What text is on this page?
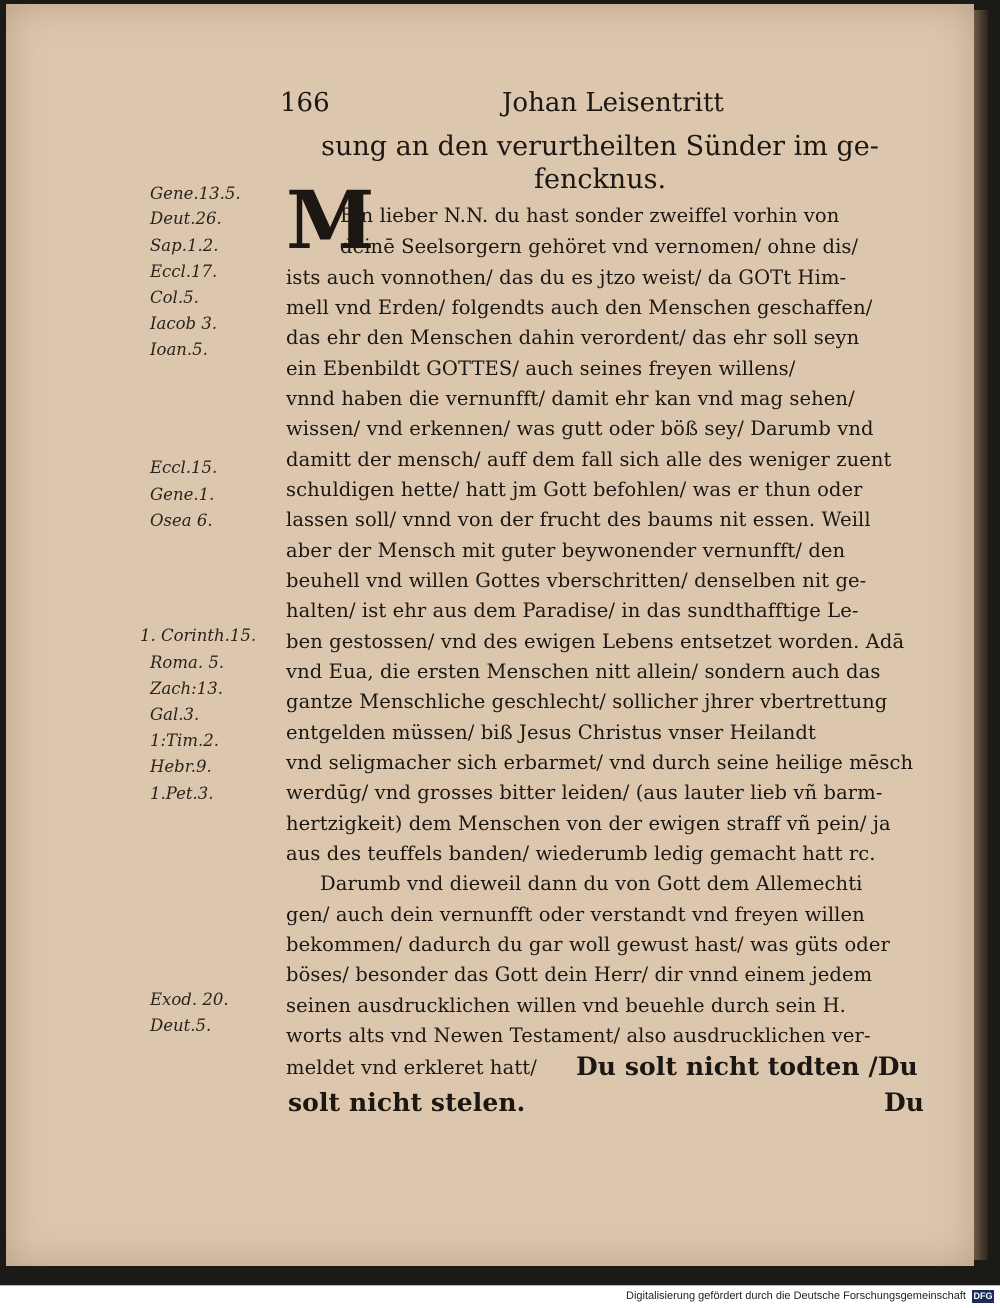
166	Johan Leisentritt
sung an den verurtheilten Sünder im ge-
fencknus.
M
Gene.13.5.
Deut.26.
Sap.1.2.
Eccl.17.
Col.5.
Iacob 3.
Ioan.5.
Eccl.15.
Gene.1.
Osea 6.
1. Corinth.15.
Roma. 5.
Zach:13.
Gal.3.
1:Tim.2.
Hebr.9.
1.Pet.3.
Exod. 20.
Deut.5.
Ein lieber N.N. du hast sonder zweiffel vorhin von
deinē Seelsorgern gehöret vnd vernomen/ ohne dis/
ists auch vonnothen/ das du es jtzo weist/ da GOTt Him-
mell vnd Erden/ folgendts auch den Menschen geschaffen/
das ehr den Menschen dahin verordent/ das ehr soll seyn
ein Ebenbildt GOTTES/ auch seines freyen willens/
vnnd haben die vernunfft/ damit ehr kan vnd mag sehen/
wissen/ vnd erkennen/ was gutt oder böß sey/ Darumb vnd
damitt der mensch/ auff dem fall sich alle des weniger zuent
schuldigen hette/ hatt jm Gott befohlen/ was er thun oder
lassen soll/ vnnd von der frucht des baums nit essen. Weill
aber der Mensch mit guter beywonender vernunfft/ den
beuhell vnd willen Gottes vberschritten/ denselben nit ge-
halten/ ist ehr aus dem Paradise/ in das sundthafftige Le-
ben gestossen/ vnd des ewigen Lebens entsetzet worden. Adā
vnd Eua, die ersten Menschen nitt allein/ sondern auch das
gantze Menschliche geschlecht/ sollicher jhrer vbertrettung
entgelden müssen/ biß Jesus Christus vnser Heilandt
vnd seligmacher sich erbarmet/ vnd durch seine heilige mēsch
werdūg/ vnd grosses bitter leiden/ (aus lauter lieb vñ barm-
hertzigkeit) dem Menschen von der ewigen straff vñ pein/ ja
aus des teuffels banden/ wiederumb ledig gemacht hatt rc.
Darumb vnd dieweil dann du von Gott dem Allemechti
gen/ auch dein vernunfft oder verstandt vnd freyen willen
bekommen/ dadurch du gar woll gewust hast/ was güts oder
böses/ besonder das Gott dein Herr/ dir vnnd einem jedem
seinen ausdrucklichen willen vnd beuehle durch sein H.
worts alts vnd Newen Testament/ also ausdrucklichen ver-
meldet vnd erkleret hatt/ Du solt nicht todten /Du
solt nicht stelen.	Du
Digitalisierung gefördert durch die Deutsche Forschungsgemeinschaft DFG
